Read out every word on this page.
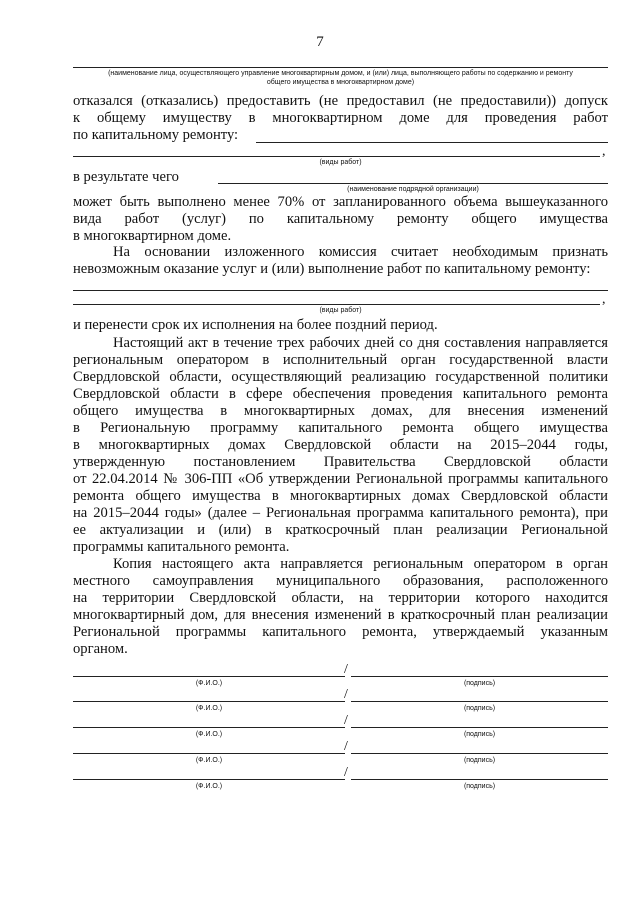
7
(наименование лица, осуществляющего управление многоквартирным домом, и (или) лица, выполняющего работы по содержанию и ремонту
общего имущества в многоквартирном доме)
отказался (отказались) предоставить (не предоставил (не предоставили)) допуск
к общему имуществу в многоквартирном доме для проведения работ
по капитальному ремонту:
,
(виды работ)
в результате чего
(наименование подрядной организации)
может быть выполнено менее 70% от запланированного объема вышеуказанного
вида работ (услуг) по капитальному ремонту общего имущества
в многоквартирном доме.
На основании изложенного комиссия считает необходимым признать
невозможным оказание услуг и (или) выполнение работ по капитальному ремонту:
,
(виды работ)
и перенести срок их исполнения на более поздний период.
Настоящий акт в течение трех рабочих дней со дня составления направляется
региональным оператором в исполнительный орган государственной власти
Свердловской области, осуществляющий реализацию государственной политики
Свердловской области в сфере обеспечения проведения капитального ремонта
общего имущества в многоквартирных домах, для внесения изменений
в Региональную программу капитального ремонта общего имущества
в многоквартирных домах Свердловской области на 2015–2044 годы,
утвержденную постановлением Правительства Свердловской области
от 22.04.2014 № 306-ПП «Об утверждении Региональной программы капитального
ремонта общего имущества в многоквартирных домах Свердловской области
на 2015–2044 годы» (далее – Региональная программа капитального ремонта), при
ее актуализации и (или) в краткосрочный план реализации Региональной
программы капитального ремонта.
Копия настоящего акта направляется региональным оператором в орган
местного самоуправления муниципального образования, расположенного
на территории Свердловской области, на территории которого находится
многоквартирный дом, для внесения изменений в краткосрочный план реализации
Региональной программы капитального ремонта, утверждаемый указанным
органом.
/
(Ф.И.О.)	(подпись)
/
(Ф.И.О.)	(подпись)
/
(Ф.И.О.)	(подпись)
/
(Ф.И.О.)	(подпись)
/
(Ф.И.О.)	(подпись)
